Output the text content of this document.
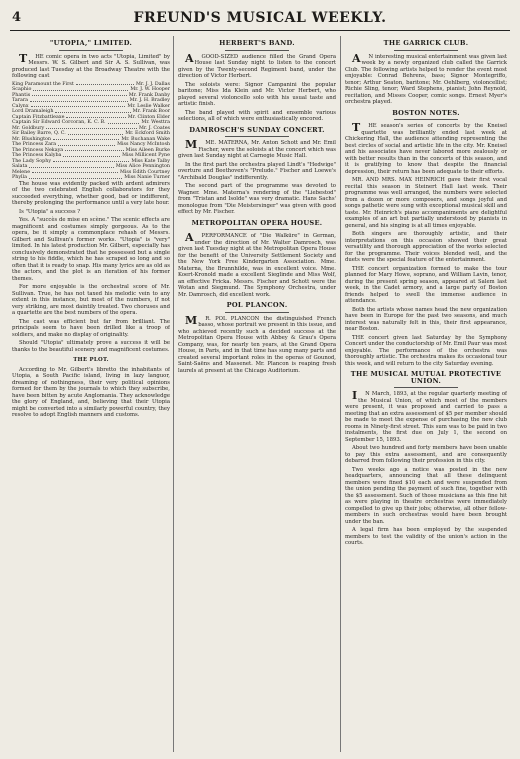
4	FREUND'S MUSICAL WEEKLY.
"UTOPIA," LIMITED.

THE comic opera in two acts "Utopia, Limited" by Messrs. W. S. Gilbert and Sir A. S. Sullivan, was produced last Tuesday at the Broadway Theatre with the following cast

King Paramount the First	Mr. J. J. Dallas
Scaphio	Mr. J. W. Hooper
Phantis	Mr. Frank Danby
Tarara	Mr. J. H. Bradley
Calynx	Mr. Leslie Walker
Lord Dramaleigh	Mr. Frank Boor
Captain Fitzbattleaxe	Mr. Clinton Elder
Captain Sir Edward Corcoran, K. C. B.	Mr. Westtra
Mr. Goldbury	Mr. J. Coates
Sir Bailey Barre, Q. C.	Mr. Eckford Smith
Mr. Blushington	Mr. Buchanan Wake
The Princess Zara	Miss Nancy McIntosh
The Princess Nekaya	Miss Aileen Burke
The Princess Kalyba	Miss Millicent Pyne
The Lady Sophy	Miss Kate Talby
Salata	Miss Alice Pennington
Melene	Miss Edith Courtney
Phylla	Miss Nanie Turner

The house was evidently packed with ardent admirers of the two celebrated English collaborators for they succeeded everything, whether good, bad or indifferent, thereby prolonging the performance until a very late hour.

Is "Utopia" a success ?

Yes. A "succès de mise en scène." The scenic effects are magnificent and costumes simply gorgeous. As to the opera, be it simply a commonplace rehash of Messrs. Gilbert and Sullivan's former works. "Utopia" is "very" limited. In his latest production Mr. Gilbert, especially has conclusively demonstrated that he possessed but a single string to his fiddle, which he has scraped so long and so often that it is ready to snap. His many lyrics are as old as the actors, and the plot is an iteration of his former themes.

For more enjoyable is the orchestral score of Mr. Sullivan. True, he has not taxed his melodic vein to any extent in this instance, but most of the numbers, if not very striking, are most daintily treated. Two choruses and a quartette are the best numbers of the opera.

The cast was efficient but far from brilliant. The principals seem to have been drilled like a troop of soldiers, and make no display of originality.

Should "Utopia" ultimately prove a success it will be thanks to the beautiful scenery and magnificent costumes.

THE PLOT.

According to Mr. Gilbert's libretto the inhabitants of Utopia, a South Pacific island, living in lazy languor, dreaming of nothingness, their very political opinions formed for them by the journals to which they subscribe, have been bitten by acute Anglomania. They acknowledge the glory of England, and, believing that their Utopia might be converted into a similarly powerful country, they resolve to adopt English manners and customs.

HERBERT'S BAND.

AGOOD-SIZED audience filled the Grand Opera House last Sunday night to listen to the concert given by the Twenty-second Regiment band, under the direction of Victor Herbert.

The soloists were: Signor Campanini the popular baritone; Miss Ida Klein and Mr. Victor Herbert, who played several violoncello solo with his usual taste and artistic finish.

The band played with spirit and ensemble various selections, all of which were enthusiastically encored.

DAMROSCH'S SUNDAY CONCERT.

MME. MATERNA, Mr. Anton Schott and Mr. Emil Fischer, were the soloists at the concert which was given last Sunday night at Carnegie Music Hall.

In the first part the orchestra played Lindt's "Hedwige" overture and Beethoven's "Prelude." Fischer and Loewe's "Archibald Douglas" indifferently.

The second part of the programme was devoted to Wagner. Mme. Materna's rendering of the "Liebestod" from "Tristan and Isolde" was very dramatic. Hans Sachs' monologue from "Die Meistersinger" was given with good effect by Mr. Fischer.

METROPOLITAN OPERA HOUSE.

APERFORMANCE of "Die Walküre" in German, under the direction of Mr. Walter Damrosch, was given last Tuesday night at the Metropolitan Opera House for the benefit of the University Settlement Society and the New York Free Kindergarten Association. Mme. Materna, the Brunnhilde, was in excellent voice. Mme. Koert-Kronold made a excellent Sieglinde and Miss Wolf, an effective Fricka. Messrs. Fischer and Schott were the Wotan and Siegmund. The Symphony Orchestra, under Mr. Damrosch, did excellent work.

POL PLANCON.

MR. POL PLANCON the distinguished French basso, whose portrait we present in this issue, and who achieved recently such a decided success at the Metropolitan Opera House with Abbey & Grau's Opera Company, was, for nearly ten years, at the Grand Opera House, in Paris, and in that time has sung many parts and created several important roles in the operas of Gounod, Saint-Saëns and Massenet. Mr. Plancon is reaping fresh laurels at present at the Chicago Auditorium.

THE GARRICK CLUB.

AN interesting musical entertainment was given last week by a newly organized club called the Garrick Club. The following artists helped to render the event most enjoyable: Conrad Behrens, bass; Signor Montegriffo, tenor; Arthur Seaton, baritone; Mr. Oehlberg, violoncellist; Richie Sling, tenor; Ward Stephens, pianist; John Reynold, recitation, and Misses Cooper, comic songs. Ernest Myer's orchestra played.

BOSTON NOTES.

THE season's series of concerts by the Kneisel quartette was brilliantly ended last week at Chickering Hall, the audience attending representing the best circles of social and artistic life in the city. Mr. Kneisel and his associates have never labored more zealously or with better results than in the concerts of this season, and it is gratifying to know that despite the financial depression, their return has been adequate to their efforts.

MR. AND MRS. MAX HEINRICH gave their first vocal recital this season in Steinert Hall last week. Their programme was well arranged, the numbers were selected from a dozen or more composers, and songs joyful and songs pathetic were sung with exceptional musical skill and taste. Mr. Heinrich's piano accompaniments are delightful examples of an art but partially understood by pianists in general, and his singing is at all times enjoyable.

Both singers are thoroughly artistic, and their interpretations on this occasion showed their great versatility and thorough appreciation of the works selected for the programme. Their voices blended well, and the duets were the special feature of the entertainment.

THE concert organization formed to make the tour planned for Mary Howe, soprano, and William Lavin, tenor, during the present spring season, appeared at Salem last week, in the Cadet armory, and a large party of Boston friends helped to swell the immense audience in attendance.

Both the artists whose names head the new organization have been in Europe for the past two seasons, and much interest was naturally felt in this, their first appearance, near Boston.

THE concert given last Saturday by the Symphony Concert under the conductorship of Mr. Emil Paur was most enjoyable. The performance of the orchestra was thoroughly artistic. The orchestra makes its occasional tour this week, and will return to the city Saturday evening.

THE MUSICAL MUTUAL PROTECTIVE UNION.

IN March, 1893, at the regular quarterly meeting of the Musical Union, of which most of the members were present, it was proposed and carried to pass a meeting that an extra assessment of $5 per member should be made to meet the expense of purchasing the new club rooms in Ninety-first street. This sum was to be paid in two instalments, the first due on July 1, the second on September 15, 1893.

About two hundred and forty members have been unable to pay this extra assessment, and are consequently debarred from following their profession in this city.

Two weeks ago a notice was posted in the new headquarters, announcing that all these delinquent members were fined $10 each and were suspended from the union pending the payment of such fine, together with the $5 assessment. Such of those musicians as this fine hit as were playing in theatre orchestras were immediately compelled to give up their jobs; otherwise, all other fellow-members in such orchestras would have been brought under the ban.

A legal firm has been employed by the suspended members to test the validity of the union's action in the courts.
